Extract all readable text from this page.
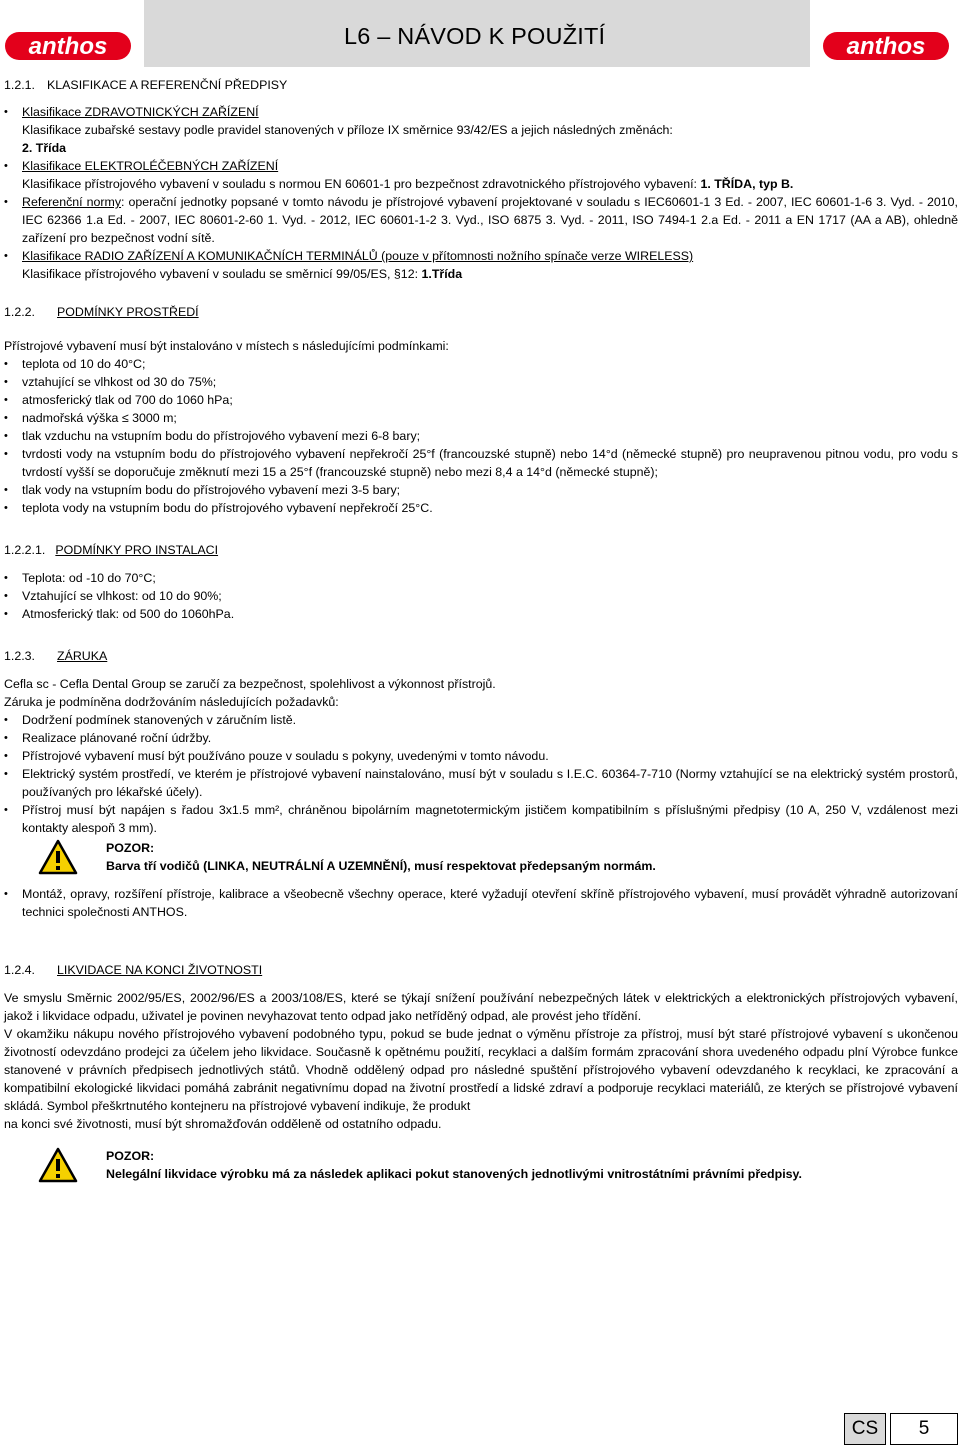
anthos	anthos
L6 – NÁVOD K POUŽITÍ

1.2.1. KLASIFIKACE A REFERENČNÍ PŘEDPISY

• Klasifikace ZDRAVOTNICKÝCH ZAŘÍZENÍ
Klasifikace zubařské sestavy podle pravidel stanovených v příloze IX směrnice 93/42/ES a jejich následných změnách:
2. Třída
• Klasifikace ELEKTROLÉČEBNÝCH ZAŘÍZENÍ
Klasifikace přístrojového vybavení v souladu s normou EN 60601-1 pro bezpečnost zdravotnického přístrojového vybavení: 1. TŘÍDA, typ B.
• Referenční normy: operační jednotky popsané v tomto návodu je přístrojové vybavení projektované v souladu s IEC60601-1 3 Ed. - 2007, IEC 60601-1-6 3. Vyd. - 2010, IEC 62366 1.a Ed. - 2007, IEC 80601-2-60 1. Vyd. - 2012, IEC 60601-1-2 3. Vyd., ISO 6875 3. Vyd. - 2011, ISO 7494-1 2.a Ed. - 2011 a EN 1717 (AA a AB), ohledně zařízení pro bezpečnost vodní sítě.
• Klasifikace RADIO ZAŘÍZENÍ A KOMUNIKAČNÍCH TERMINÁLŮ (pouze v přítomnosti nožního spínače verze WIRELESS)
Klasifikace přístrojového vybavení v souladu se směrnicí 99/05/ES, §12: 1.Třída

1.2.2. PODMÍNKY PROSTŘEDÍ

Přístrojové vybavení musí být instalováno v místech s následujícími podmínkami:

• teplota od 10 do 40°C;
• vztahující se vlhkost od 30 do 75%;
• atmosferický tlak od 700 do 1060 hPa;
• nadmořská výška ≤ 3000 m;
• tlak vzduchu na vstupním bodu do přístrojového vybavení mezi 6-8 bary;
• tvrdosti vody na vstupním bodu do přístrojového vybavení nepřekročí 25°f (francouzské stupně) nebo 14°d (německé stupně) pro neupravenou pitnou vodu, pro vodu s tvrdostí vyšší se doporučuje změknutí mezi 15 a 25°f (francouzské stupně) nebo mezi 8,4 a 14°d (německé stupně);
• tlak vody na vstupním bodu do přístrojového vybavení mezi 3-5 bary;
• teplota vody na vstupním bodu do přístrojového vybavení nepřekročí 25°C.

1.2.2.1. PODMÍNKY PRO INSTALACI

• Teplota: od -10 do 70°C;
• Vztahující se vlhkost: od 10 do 90%;
• Atmosferický tlak: od 500 do 1060hPa.

1.2.3. ZÁRUKA

Cefla sc - Cefla Dental Group se zaručí za bezpečnost, spolehlivost a výkonnost přístrojů.

Záruka je podmíněna dodržováním následujících požadavků:

• Dodržení podmínek stanovených v záručním listě.
• Realizace plánované roční údržby.
• Přístrojové vybavení musí být používáno pouze v souladu s pokyny, uvedenými v tomto návodu.
• Elektrický systém prostředí, ve kterém je přístrojové vybavení nainstalováno, musí být v souladu s I.E.C. 60364-7-710 (Normy vztahující se na elektrický systém prostorů, používaných pro lékařské účely).
• Přístroj musí být napájen s řadou 3x1.5 mm², chráněnou bipolárním magnetotermickým jističem kompatibilním s příslušnými předpisy (10 A, 250 V, vzdálenost mezi kontakty alespoň 3 mm).
POZOR:
Barva tří vodičů (LINKA, NEUTRÁLNÍ A UZEMNĚNÍ), musí respektovat předepsaným normám.
• Montáž, opravy, rozšíření přístroje, kalibrace a všeobecně všechny operace, které vyžadují otevření skříně přístrojového vybavení, musí provádět výhradně autorizovaní technici společnosti ANTHOS.

1.2.4. LIKVIDACE NA KONCI ŽIVOTNOSTI

Ve smyslu Směrnic 2002/95/ES, 2002/96/ES a 2003/108/ES, které se týkají snížení používání nebezpečných látek v elektrických a elektronických přístrojových vybavení, jakož i likvidace odpadu, uživatel je povinen nevyhazovat tento odpad jako netříděný odpad, ale provést jeho třídění.

V okamžiku nákupu nového přístrojového vybavení podobného typu, pokud se bude jednat o výměnu přístroje za přístroj, musí být staré přístrojové vybavení s ukončenou životností odevzdáno prodejci za účelem jeho likvidace. Současně k opětnému použití, recyklaci a dalším formám zpracování shora uvedeného odpadu plní Výrobce funkce stanovené v právních předpisech jednotlivých států. Vhodně oddělený odpad pro následné spuštění přístrojového vybavení odevzdaného k recyklaci, ke zpracování a kompatibilní ekologické likvidaci pomáhá zabránit negativnímu dopad na životní prostředí a lidské zdraví a podporuje recyklaci materiálů, ze kterých se přístrojové vybavení skládá. Symbol přeškrtnutého kontejneru na přístrojové vybavení indikuje, že produkt

na konci své životnosti, musí být shromažďován odděleně od ostatního odpadu.

POZOR:
Nelegální likvidace výrobku má za následek aplikaci pokut stanovených jednotlivými vnitrostátními právními předpisy.
CS	5
